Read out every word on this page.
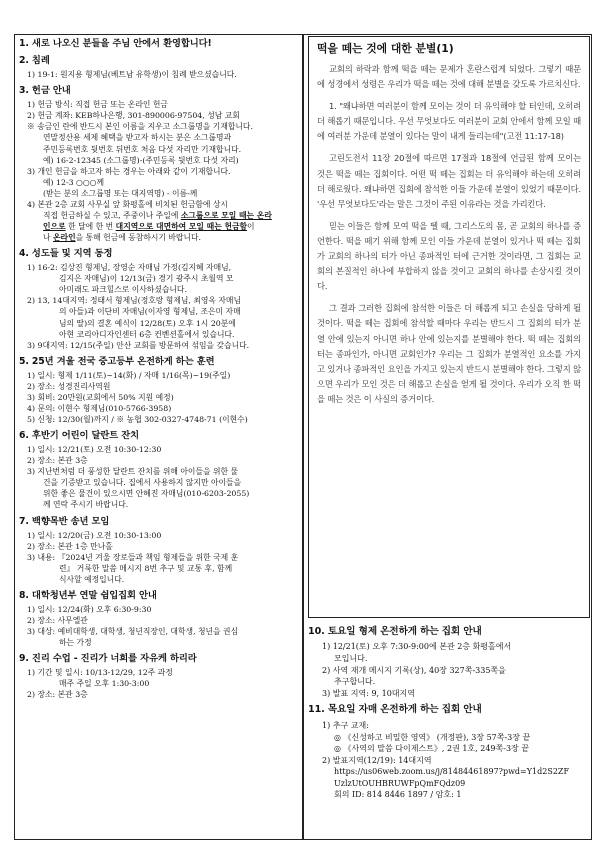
1. 새로 나오신 분들을 주님 안에서 환영합니다!
2. 침례

1) 19-1: 원지용 형제님(베트남 유학생)이 침례 받으셨습니다.

3. 헌금 안내

1) 헌금 방식: 직접 헌금 또는 온라인 헌금

2) 헌금 계좌: KEB하나은행, 301-890006-97504, 성남 교회

※ 송금인 란에 반드시 본인 이름을 지우고 소그룹명을 기재합니다.

연말정산용 세제 혜택을 받고자 하시는 분은 소그룹명과

주민등록번호 뒷번호 뒤번호 처음 다섯 자리만 기재합니다.

예) 16-2-12345 (소그룹명)-(주민등록 뒷번호 다섯 자리)

3) 개인 헌금을 하고자 하는 경우는 아래와 같이 기재합니다.

예) 12-3 ○○○께

(받는 분의 소그룹명 또는 대지역명) - 이름-께

4) 본관 2층 교회 사무실 앞 화평홀에 비치된 헌금함에 상시

직접 헌금하실 수 있고, 주중이나 주일에 소그룹으로 모일 때는 온라

인으로 한 달에 한 번 대지역으로 대면하여 모일 때는 헌금함이

나 온라인을 통해 헌금에 동참하시기 바랍니다.

4. 성도들 및 지역 동정

1) 16-2: 김상진 형제님, 장영순 자매님 가정(김지혜 자매님,

김지은 자매님)이 12/13(금) 경기 광주시 초월역 모

아미래도 파크힐스로 이사하셨습니다.

2) 13, 14대지역: 정태서 형제님(정호랑 형제님, 최영옥 자매님

의 아들)과 이단비 자매님(이자영 형제님, 조은미 자매

님의 딸)의 결혼 예식이 12/28(토) 오후 1시 20분에

아현 코리아디자인센터 6층 컨벤션홀에서 있습니다.

3) 9대지역: 12/15(주일) 안산 교회를 방문하여 섞임을 갖습니다.

5. 25년 겨울 전국 중고등부 온전하게 하는 훈련

1) 일시: 형제 1/11(토)~14(화) / 자매 1/16(목)~19(주일)

2) 장소: 성경진리사역원

3) 회비: 20만원(교회에서 50% 지원 예정)

4) 문의: 이현수 형제님(010-5766-3958)

5) 신청: 12/30(월)까지 / ※ 농협 302-0327-4748-71 (이현수)

6. 후반기 어린이 달란트 잔치

1) 일시: 12/21(토) 오전 10:30-12:30

2) 장소: 본관 3층

3) 지난번처럼 더 풍성한 달란트 잔치를 위해 아이들을 위한 물

건을 기증받고 있습니다. 집에서 사용하지 않지만 아이들을

위한 좋은 물건이 있으시면 안혜진 자매님(010-6203-2055)

께 연락 주시기 바랍니다.

7. 백향목반 송년 모임

1) 일시: 12/20(금) 오전 10:30-13:00

2) 장소: 본관 1층 만나홀

3) 내용: 『2024년 겨울 장로들과 책임 형제들을 위한 국제 훈

련』 거룩한 말씀 메시지 8번 추구 및 교통 후, 함께

식사할 예정입니다.

8. 대학청년부 연말 쉼입집회 안내

1) 일시: 12/24(화) 오후 6:30-9:30

2) 장소: 사무엘관

3) 대상: 예비대학생, 대학생, 청년직장인, 대학생, 청년을 권심

하는 가정

9. 진리 수업 - 진리가 너희를 자유케 하리라

1) 기간 및 일시: 10/13-12/29, 12주 과정

매주 주일 오후 1:30-3:00

2) 장소: 본관 3층

떡을 떼는 것에 대한 분별(1)

교회의 하락과 함께 떡을 떼는 문제가 혼란스럽게 되었다. 그렇기 때문에 성경에서 성령은 우리가 떡을 떼는 것에 대해 분별을 갖도록 가르치신다.

1. "왜냐하면 여러분이 함께 모이는 것이 더 유익해야 할 터인데, 오히려 더 해롭기 때문입니다. 우선 무엇보다도 여러분이 교회 안에서 함께 모일 때에 여러분 가운데 분열이 있다는 말이 내게 들리는데"(고전 11:17-18)

고린도전서 11장 20절에 따르면 17절과 18절에 언급된 함께 모이는 것은 떡을 떼는 집회이다. 어떤 떡 떼는 집회는 더 유익해야 하는데 오히려 더 해로웠다. 왜냐하면 집회에 참석한 이들 가운데 분열이 있었기 때문이다. '우선 무엇보다도'라는 말은 그것이 주된 이유라는 것을 가리킨다.

믿는 이들은 함께 모여 떡을 뗄 때, 그리스도의 몸, 곧 교회의 하나를 증언한다. 떡을 떼기 위해 함께 모인 이들 가운데 분열이 있거나 떡 떼는 집회가 교회의 하나의 터가 아닌 종파적인 터에 근거한 것이라면, 그 집회는 교회의 본질적인 하나에 부합하지 않을 것이고 교회의 하나를 손상시킬 것이다.

그 결과 그러한 집회에 참석한 이들은 더 해롭게 되고 손실을 당하게 될 것이다. 떡을 떼는 집회에 참석할 때마다 우리는 반드시 그 집회의 터가 분열 안에 있는지 아니면 하나 안에 있는지를 분별해야 한다. 떡 떼는 집회의 터는 종파인가, 아니면 교회인가? 우리는 그 집회가 분열적인 요소를 가지고 있거나 종파적인 요인을 가지고 있는지 반드시 분별해야 한다. 그렇지 않으면 우리가 모인 것은 더 해롭고 손실을 얻게 될 것이다. 우리가 오직 한 떡을 떼는 것은 이 사실의 증거이다.

10. 토요일 형제 온전하게 하는 집회 안내

1) 12/21(토) 오후 7:30-9:00에 본관 2층 화평홀에서

모입니다.

2) 사역 재개 메시지 기록(상), 40장 327쪽-335쪽을

추구합니다.

3) 발표 지역: 9, 10대지역

11. 목요일 자매 온전하게 하는 집회 안내

1) 추구 교재:

◎ 《신성하고 비밀한 영역》 (개정판), 3장 57쪽-3장 끝

◎ 《사역의 말씀 다이제스트》, 2권 1호, 249쪽-3장 끝

2) 발표지역(12/19): 14대지역

https://us06web.zoom.us/j/81484461897?pwd=Y1d2S2ZF

UzlzUtOUHBRUWFpQmFQdz09

회의 ID: 814 8446 1897 / 암호: 1
